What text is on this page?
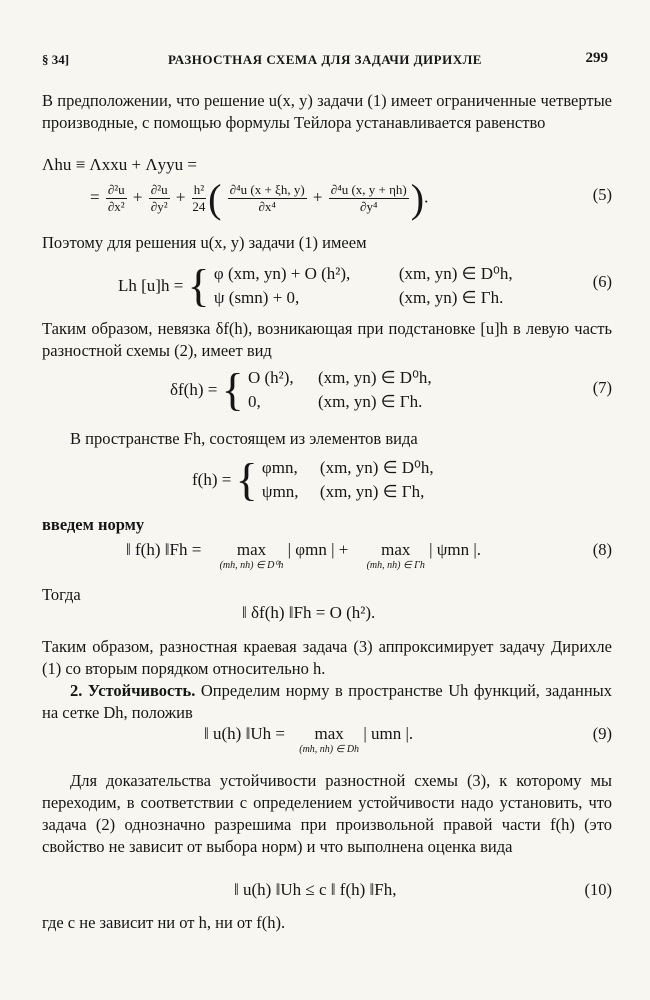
§ 34]	РАЗНОСТНАЯ СХЕМА ДЛЯ ЗАДАЧИ ДИРИХЛЕ	299
В предположении, что решение u(x, y) задачи (1) имеет ограниченные четвертые производные, с помощью формулы Тейлора устанавливается равенство
Λhu ≡ Λxxu + Λyyu =
= $\frac{\text{∂²u}}{\text{∂x²}} + \frac{\text{∂²u}}{\text{∂y²}} + \frac{\text{h²}}{24}$ ( $\frac{\text{∂⁴u (x + ξh, y)}}{\text{∂x⁴}} + \frac{\text{∂⁴u (x, y + ηh)}}{\text{∂y⁴}}$ ).	(5)
Поэтому для решения u(x, y) задачи (1) имеем
Lh [u]h = { φ (xm, yn) + O (h²),	(xm, yn) ∈ D⁰h,
ψ (smn) + 0,	(xm, yn) ∈ Γh.
(6)
Таким образом, невязка δf(h), возникающая при подстановке [u]h в левую часть разностной схемы (2), имеет вид
δf(h) = { O (h²), (xm, yn) ∈ D⁰h,
0,	(xm, yn) ∈ Γh.
(7)
В пространстве Fh, состоящем из элементов вида
f(h) = { φmn, (xm, yn) ∈ D⁰h,
ψmn, (xm, yn) ∈ Γh,
введем норму
‖ f(h) ‖Fh =	max
(mh, nh) ∈ D⁰h
| φmn | +	max
(mh, nh) ∈ Γh
| ψmn |.	(8)
Тогда
‖ δf(h) ‖Fh = O (h²).
Таким образом, разностная краевая задача (3) аппроксимирует задачу Дирихле (1) со вторым порядком относительно h.
2. Устойчивость. Определим норму в пространстве Uh функций, заданных на сетке Dh, положив
‖ u(h) ‖Uh =	max
(mh, nh) ∈ Dh
| umn |.	(9)
Для доказательства устойчивости разностной схемы (3), к которому мы переходим, в соответствии с определением устойчивости надо установить, что задача (2) однозначно разрешима при произвольной правой части f(h) (это свойство не зависит от выбора норм) и что выполнена оценка вида
‖ u(h) ‖Uh ≤ c ‖ f(h) ‖Fh,	(10)
где c не зависит ни от h, ни от f(h).
